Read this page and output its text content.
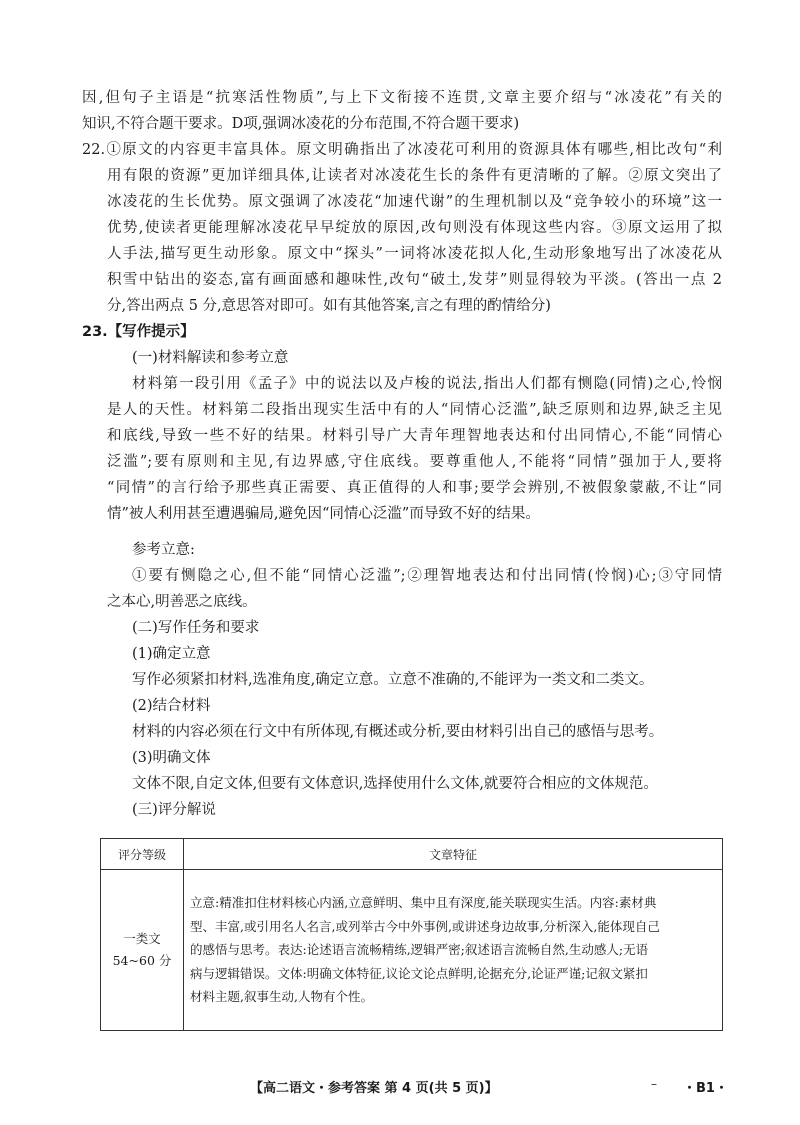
因,但句子主语是“抗寒活性物质”,与上下文衔接不连贯,文章主要介绍与“冰凌花”有关的
知识,不符合题干要求。D项,强调冰凌花的分布范围,不符合题干要求)
22.①原文的内容更丰富具体。原文明确指出了冰凌花可利用的资源具体有哪些,相比改句“利
用有限的资源”更加详细具体,让读者对冰凌花生长的条件有更清晰的了解。②原文突出了
冰凌花的生长优势。原文强调了冰凌花“加速代谢”的生理机制以及“竞争较小的环境”这一
优势,使读者更能理解冰凌花早早绽放的原因,改句则没有体现这些内容。③原文运用了拟
人手法,描写更生动形象。原文中“探头”一词将冰凌花拟人化,生动形象地写出了冰凌花从
积雪中钻出的姿态,富有画面感和趣味性,改句“破土,发芽”则显得较为平淡。(答出一点 2
分,答出两点 5 分,意思答对即可。如有其他答案,言之有理的酌情给分)
23.【写作提示】
(一)材料解读和参考立意
材料第一段引用《孟子》中的说法以及卢梭的说法,指出人们都有恻隐(同情)之心,怜悯
是人的天性。材料第二段指出现实生活中有的人“同情心泛滥”,缺乏原则和边界,缺乏主见
和底线,导致一些不好的结果。材料引导广大青年理智地表达和付出同情心,不能“同情心
泛滥”;要有原则和主见,有边界感,守住底线。要尊重他人,不能将“同情”强加于人,要将
“同情”的言行给予那些真正需要、真正值得的人和事;要学会辨别,不被假象蒙蔽,不让“同
情”被人利用甚至遭遇骗局,避免因“同情心泛滥”而导致不好的结果。
参考立意:
①要有恻隐之心,但不能“同情心泛滥”;②理智地表达和付出同情(怜悯)心;③守同情
之本心,明善恶之底线。
(二)写作任务和要求
(1)确定立意
写作必须紧扣材料,选准角度,确定立意。立意不准确的,不能评为一类文和二类文。
(2)结合材料
材料的内容必须在行文中有所体现,有概述或分析,要由材料引出自己的感悟与思考。
(3)明确文体
文体不限,自定文体,但要有文体意识,选择使用什么文体,就要符合相应的文体规范。
(三)评分解说
评分等级	文章特征
一类文
54~60 分	立意:精准扣住材料核心内涵,立意鲜明、集中且有深度,能关联现实生活。内容:素材典
型、丰富,或引用名人名言,或列举古今中外事例,或讲述身边故事,分析深入,能体现自己
的感悟与思考。表达:论述语言流畅精练,逻辑严密;叙述语言流畅自然,生动感人;无语
病与逻辑错误。文体:明确文体特征,议论文论点鲜明,论据充分,论证严谨;记叙文紧扣
材料主题,叙事生动,人物有个性。
【高二语文・参考答案 第 4 页(共 5 页)】	– ・B1・
